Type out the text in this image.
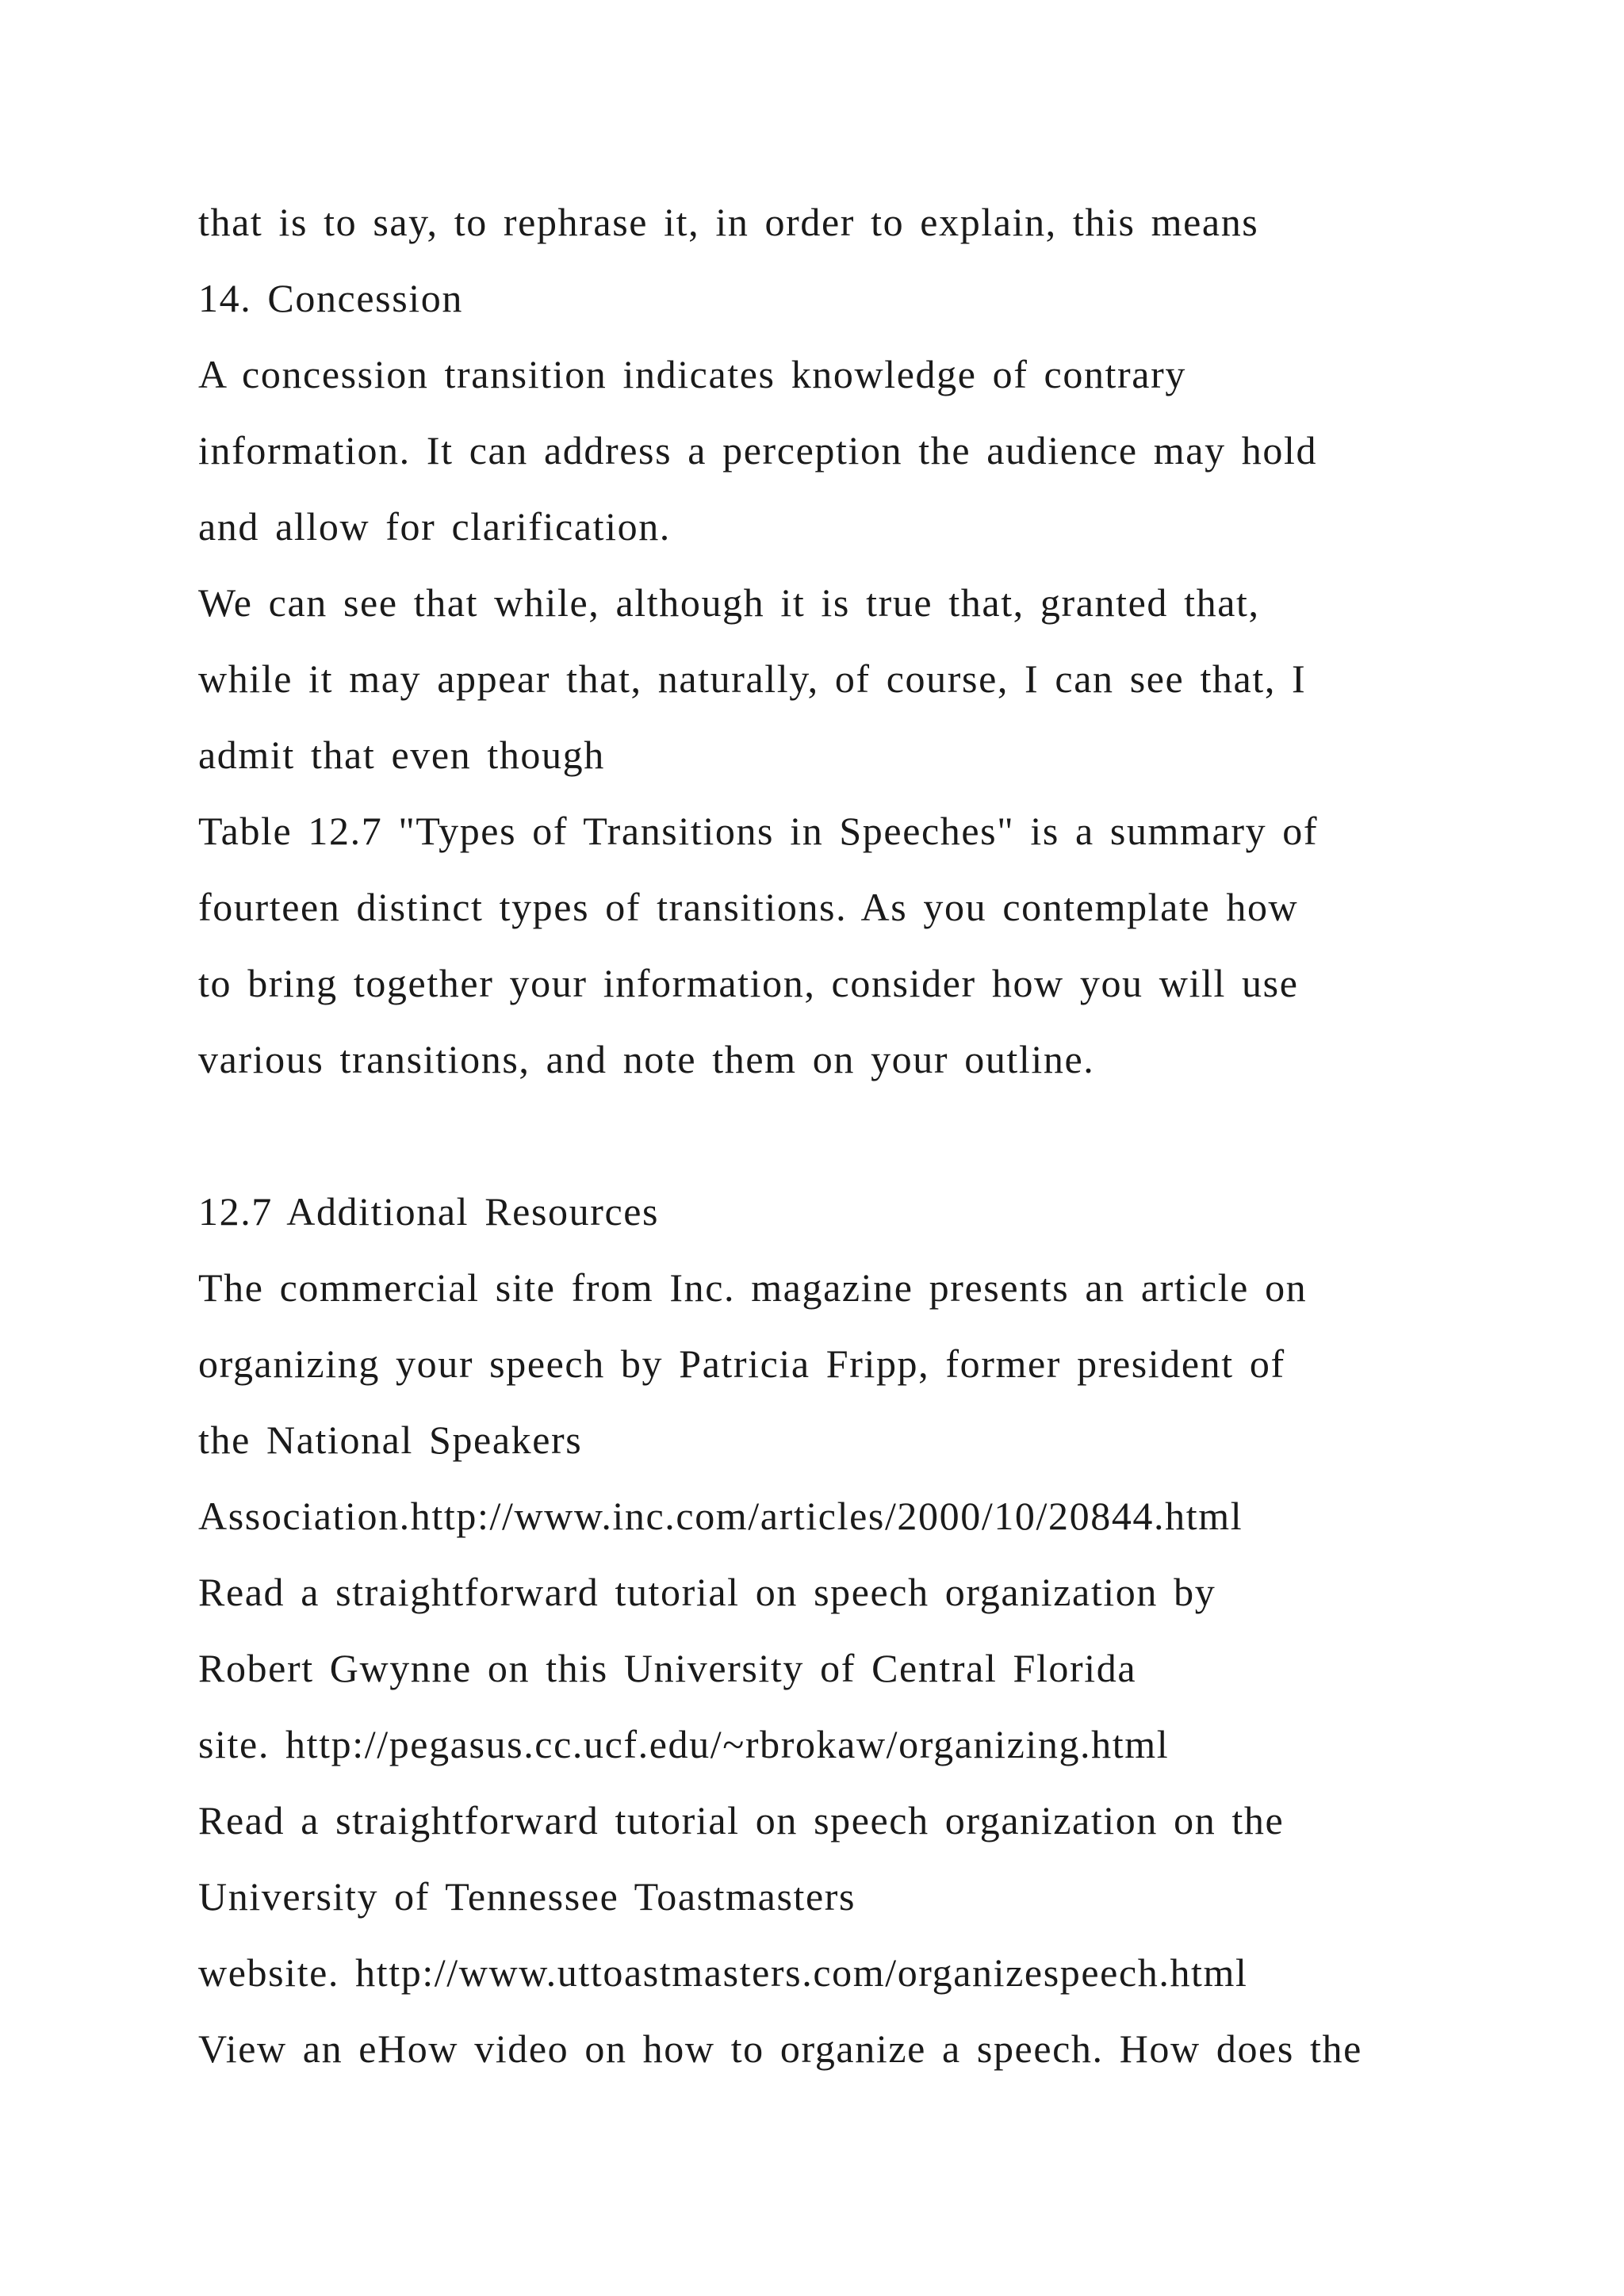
that is to say, to rephrase it, in order to explain, this means
14. Concession
A concession transition indicates knowledge of contrary
information. It can address a perception the audience may hold
and allow for clarification.
We can see that while, although it is true that, granted that,
while it may appear that, naturally, of course, I can see that, I
admit that even though
Table 12.7 "Types of Transitions in Speeches" is a summary of
fourteen distinct types of transitions. As you contemplate how
to bring together your information, consider how you will use
various transitions, and note them on your outline.
12.7 Additional Resources
The commercial site from Inc. magazine presents an article on
organizing your speech by Patricia Fripp, former president of
the National Speakers
Association.http://www.inc.com/articles/2000/10/20844.html
Read a straightforward tutorial on speech organization by
Robert Gwynne on this University of Central Florida
site. http://pegasus.cc.ucf.edu/~rbrokaw/organizing.html
Read a straightforward tutorial on speech organization on the
University of Tennessee Toastmasters
website. http://www.uttoastmasters.com/organizespeech.html
View an eHow video on how to organize a speech. How does the
